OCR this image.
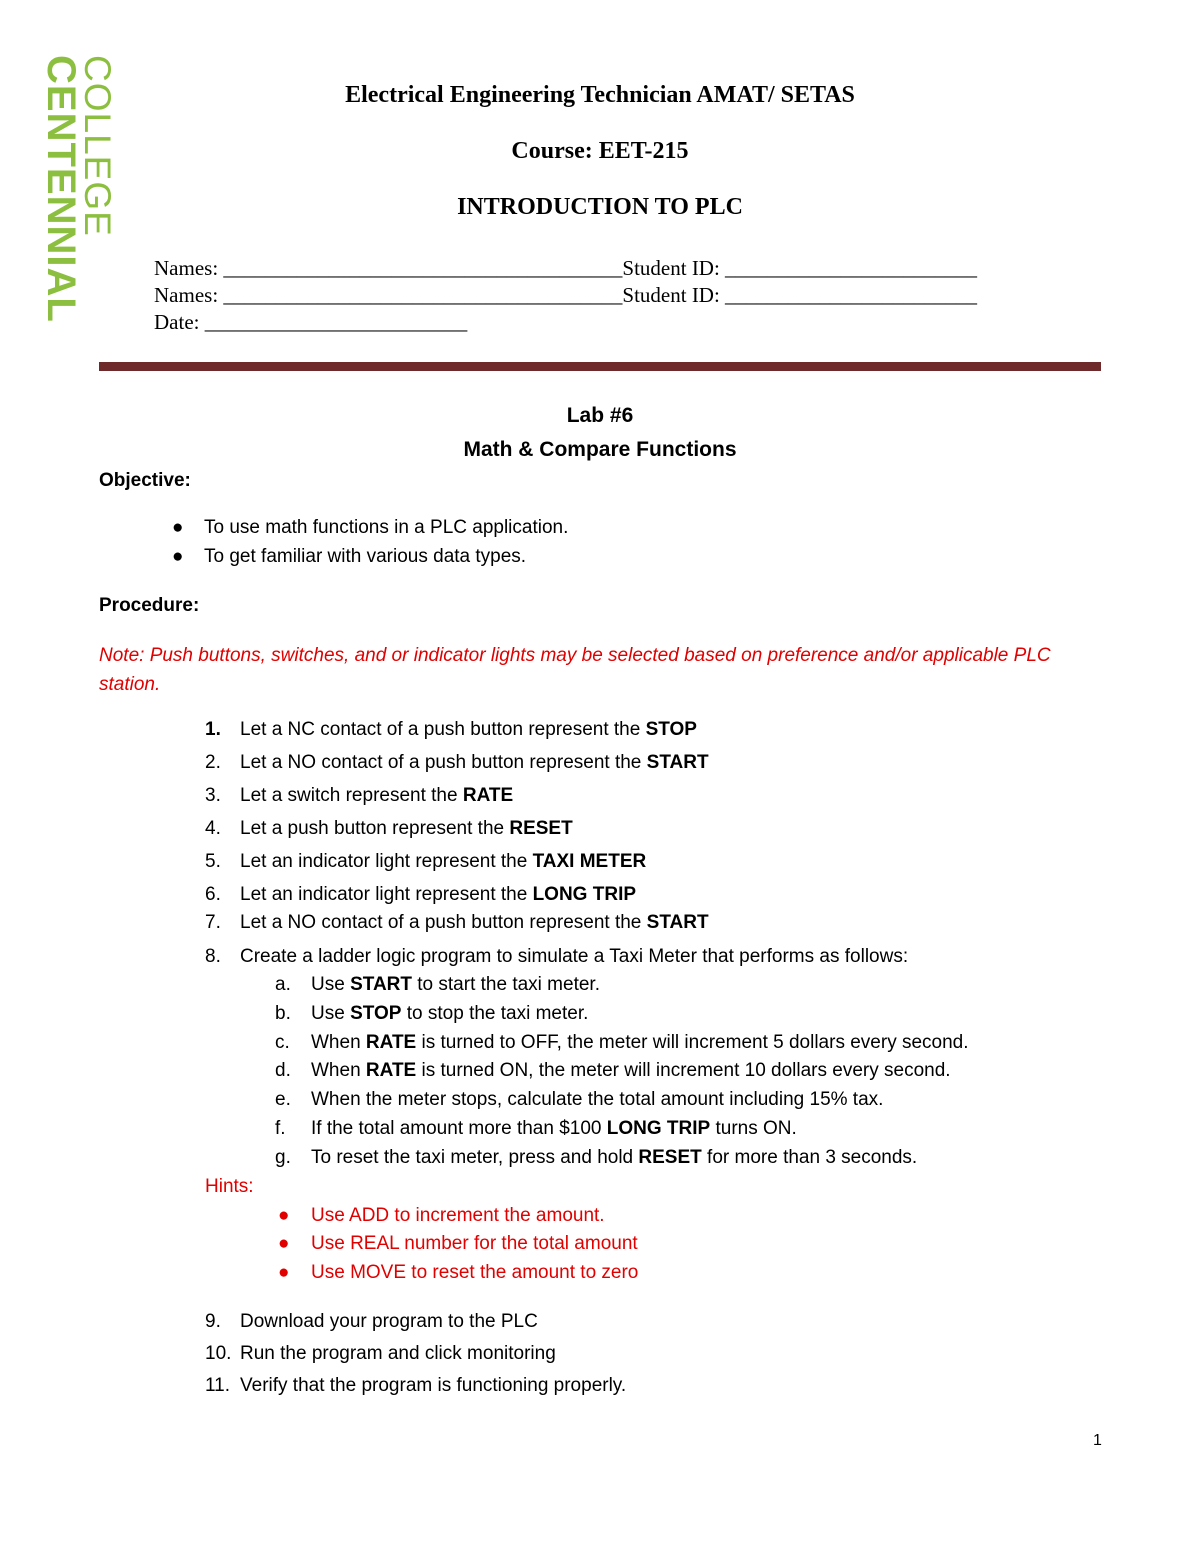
COLLEGE
CENTENNIAL	Electrical Engineering Technician AMAT/ SETAS
Course: EET-215
INTRODUCTION TO PLC
Names: ______________________________________Student ID: ________________________
Names: ______________________________________Student ID: ________________________
Date: _________________________
Lab #6
Math & Compare Functions
Objective:
● To use math functions in a PLC application.
● To get familiar with various data types.
Procedure:
Note: Push buttons, switches, and or indicator lights may be selected based on preference and/or applicable PLC station.
1. Let a NC contact of a push button represent the STOP
2. Let a NO contact of a push button represent the START
3. Let a switch represent the RATE
4. Let a push button represent the RESET
5. Let an indicator light represent the TAXI METER
6. Let an indicator light represent the LONG TRIP
7. Let a NO contact of a push button represent the START
8. Create a ladder logic program to simulate a Taxi Meter that performs as follows:
a. Use START to start the taxi meter.
b. Use STOP to stop the taxi meter.
c. When RATE is turned to OFF, the meter will increment 5 dollars every second.
d. When RATE is turned ON, the meter will increment 10 dollars every second.
e. When the meter stops, calculate the total amount including 15% tax.
f. If the total amount more than $100 LONG TRIP turns ON.
g. To reset the taxi meter, press and hold RESET for more than 3 seconds.
Hints:
● Use ADD to increment the amount.
● Use REAL number for the total amount
● Use MOVE to reset the amount to zero
9. Download your program to the PLC
10. Run the program and click monitoring
11. Verify that the program is functioning properly.
1
